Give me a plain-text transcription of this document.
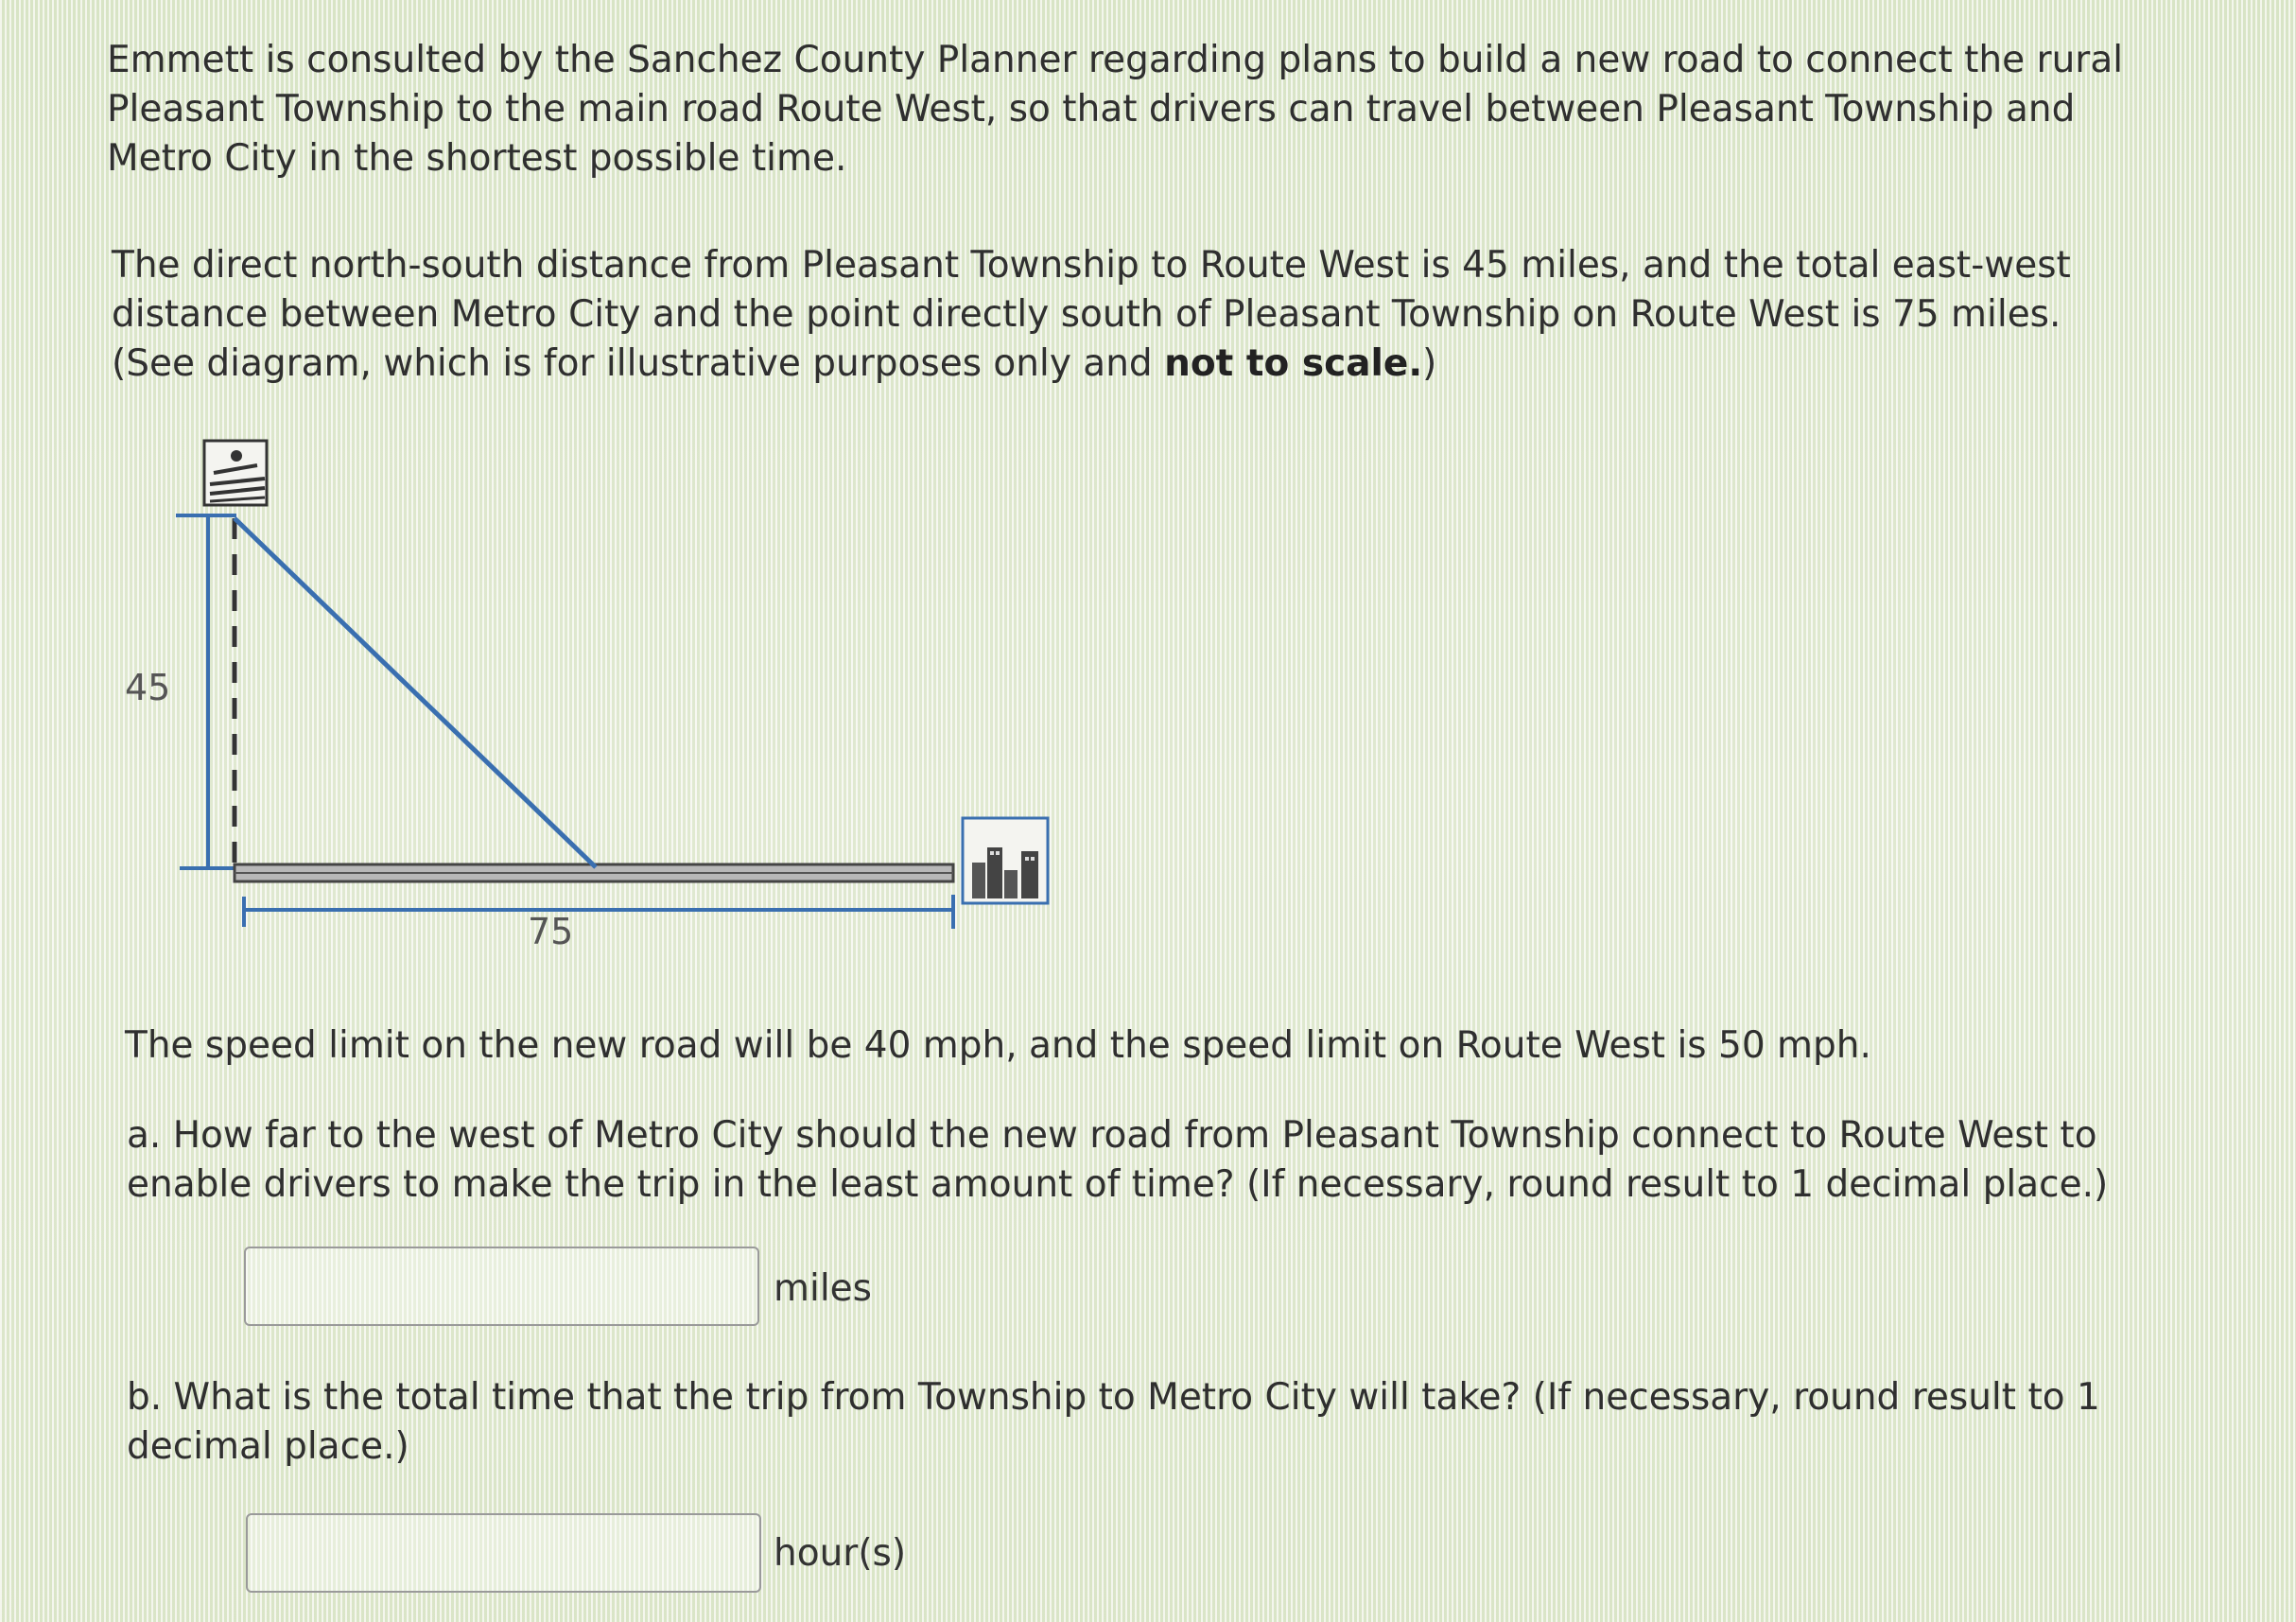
Emmett is consulted by the Sanchez County Planner regarding plans to build a new road to connect the rural Pleasant Township to the main road Route West, so that drivers can travel between Pleasant Township and Metro City in the shortest possible time.

The direct north-south distance from Pleasant Township to Route West is 45 miles, and the total east-west distance between Metro City and the point directly south of Pleasant Township on Route West is 75 miles. (See diagram, which is for illustrative purposes only and not to scale.)

45
75

The speed limit on the new road will be 40 mph, and the speed limit on Route West is 50 mph.

a. How far to the west of Metro City should the new road from Pleasant Township connect to Route West to enable drivers to make the trip in the least amount of time? (If necessary, round result to 1 decimal place.)

miles

b. What is the total time that the trip from Township to Metro City will take? (If necessary, round result to 1 decimal place.)

hour(s)
